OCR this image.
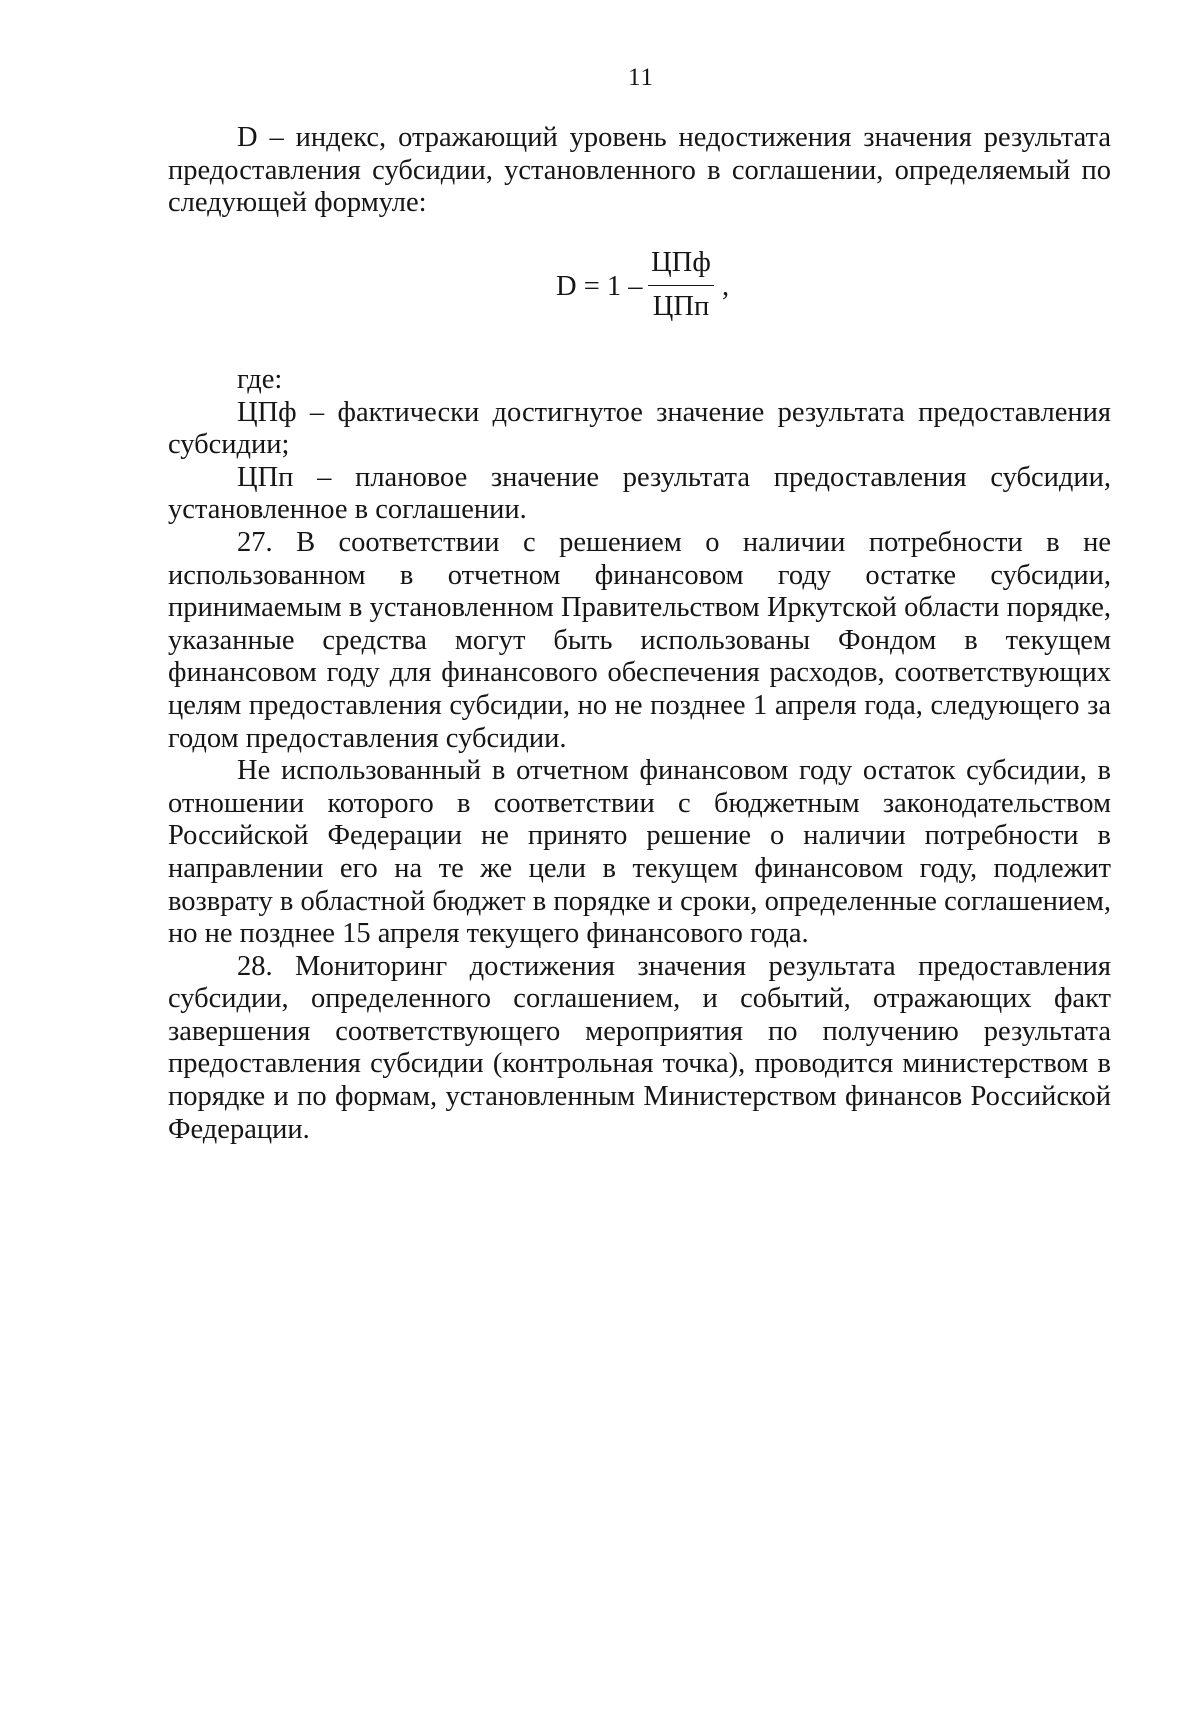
11

D – индекс, отражающий уровень недостижения значения результата предоставления субсидии, установленного в соглашении, определяемый по следующей формуле:

D = 1 –
ЦПф
ЦПп
,

где:

ЦПф – фактически достигнутое значение результата предоставления субсидии;

ЦПп – плановое значение результата предоставления субсидии, установленное в соглашении.

27. В соответствии с решением о наличии потребности в не использованном в отчетном финансовом году остатке субсидии, принимаемым в установленном Правительством Иркутской области порядке, указанные средства могут быть использованы Фондом в текущем финансовом году для финансового обеспечения расходов, соответствующих целям предоставления субсидии, но не позднее 1 апреля года, следующего за годом предоставления субсидии.

Не использованный в отчетном финансовом году остаток субсидии, в отношении которого в соответствии с бюджетным законодательством Российской Федерации не принято решение о наличии потребности в направлении его на те же цели в текущем финансовом году, подлежит возврату в областной бюджет в порядке и сроки, определенные соглашением, но не позднее 15 апреля текущего финансового года.

28. Мониторинг достижения значения результата предоставления субсидии, определенного соглашением, и событий, отражающих факт завершения соответствующего мероприятия по получению результата предоставления субсидии (контрольная точка), проводится министерством в порядке и по формам, установленным Министерством финансов Российской Федерации.
